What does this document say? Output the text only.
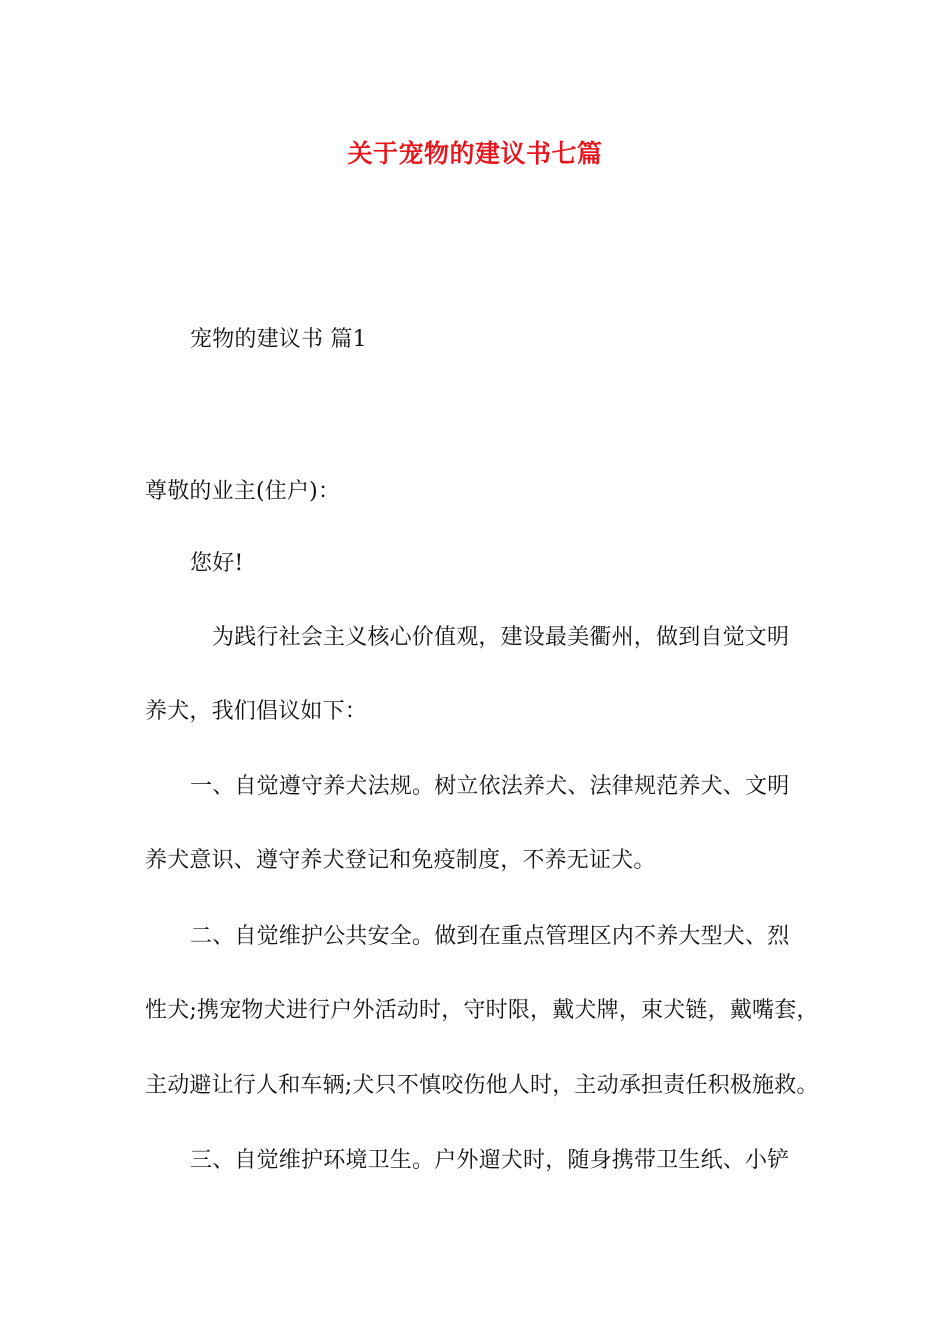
关于宠物的建议书七篇
宠物的建议书 篇1
尊敬的业主(住户)：
您好!
为践行社会主义核心价值观，建设最美衢州，做到自觉文明
养犬，我们倡议如下：
一、自觉遵守养犬法规。树立依法养犬、法律规范养犬、文明
养犬意识、遵守养犬登记和免疫制度，不养无证犬。
二、自觉维护公共安全。做到在重点管理区内不养大型犬、烈
性犬;携宠物犬进行户外活动时，守时限，戴犬牌，束犬链，戴嘴套，
主动避让行人和车辆;犬只不慎咬伤他人时，主动承担责任积极施救。
三、自觉维护环境卫生。户外遛犬时，随身携带卫生纸、小铲
